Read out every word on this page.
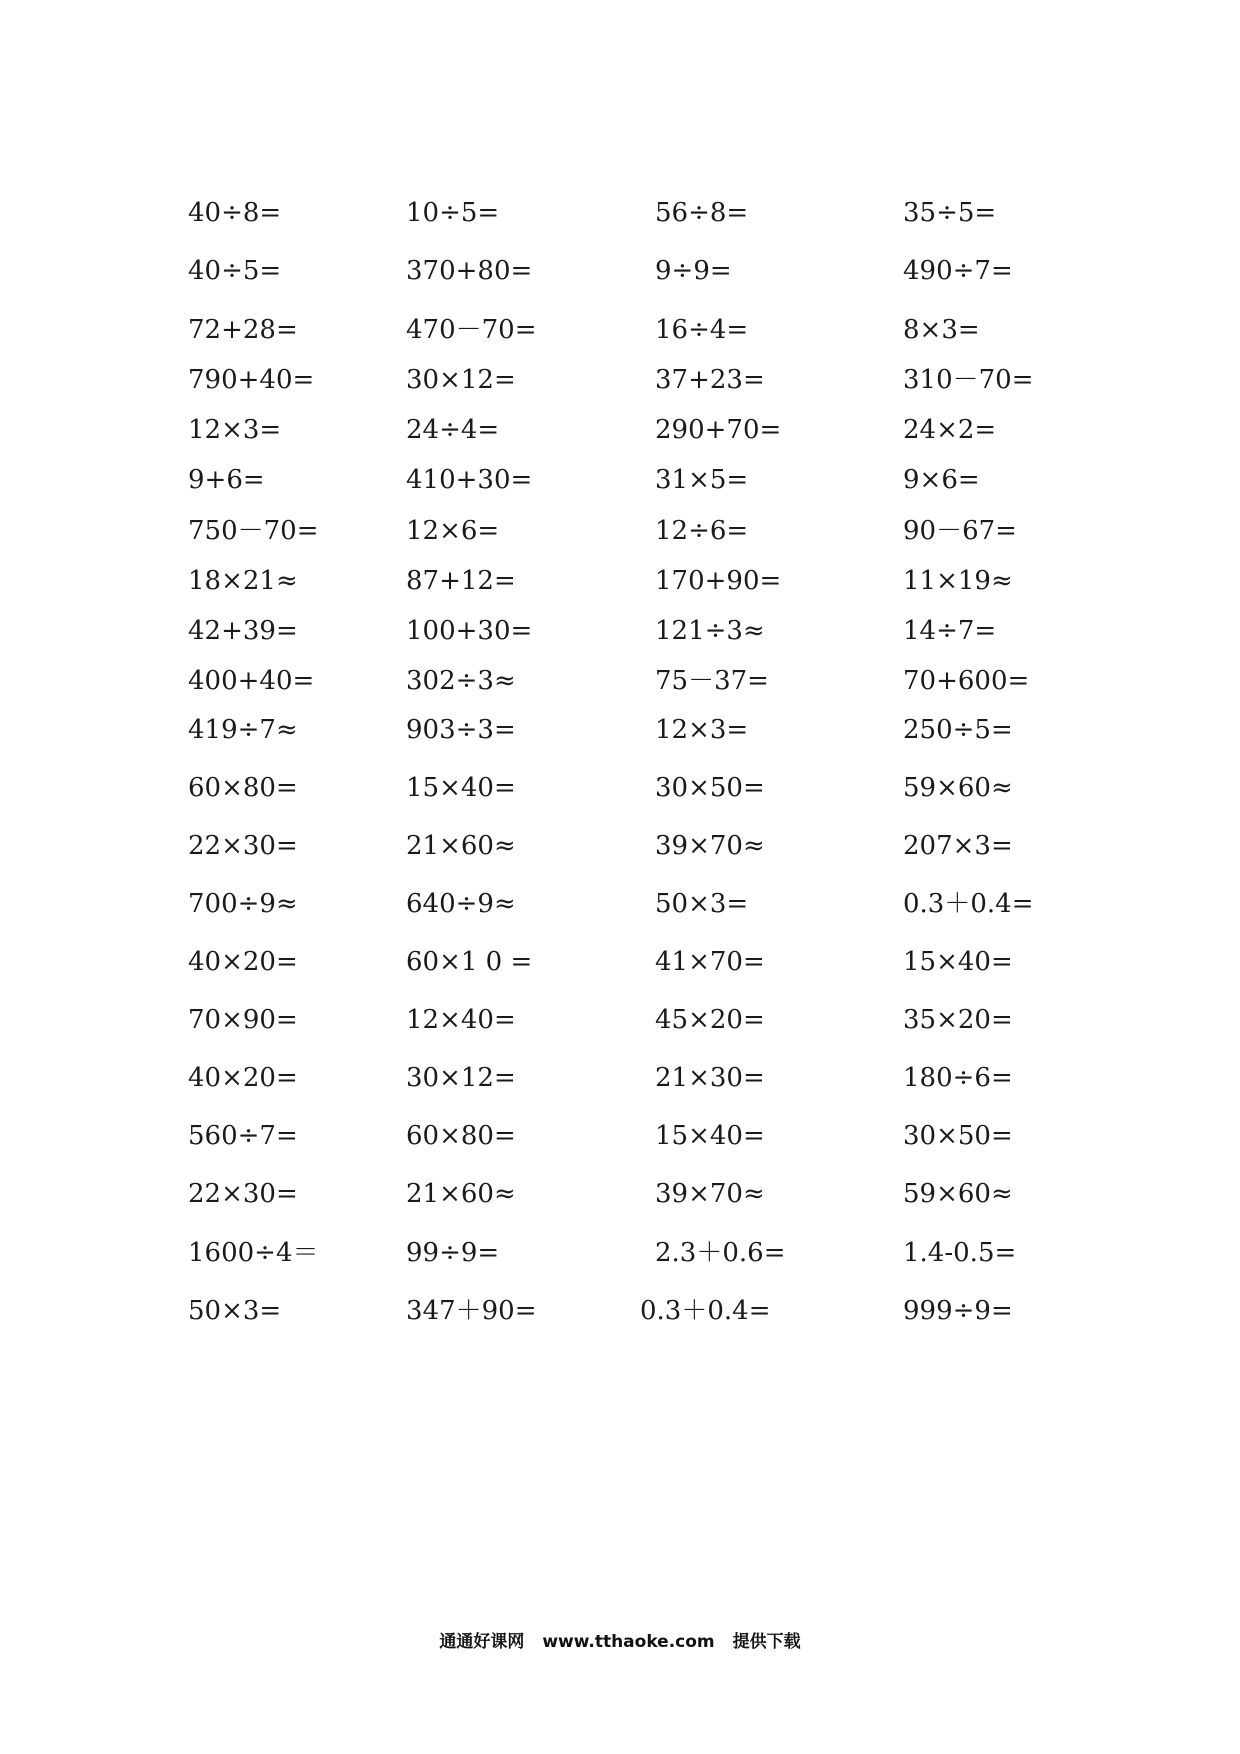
40÷8=	10÷5=	56÷8=	35÷5=
40÷5=	370+80=	9÷9=	490÷7=
72+28=	470－70=	16÷4=	8×3=
790+40=	30×12=	37+23=	310－70=
12×3=	24÷4=	290+70=	24×2=
9+6=	410+30=	31×5=	9×6=
750－70=	12×6=	12÷6=	90－67=
18×21≈	87+12=	170+90=	11×19≈
42+39=	100+30=	121÷3≈	14÷7=
400+40=	302÷3≈	75－37=	70+600=
419÷7≈	903÷3=	12×3=	250÷5=
60×80=	15×40=	30×50=	59×60≈
22×30=	21×60≈	39×70≈	207×3=
700÷9≈	640÷9≈	50×3=	0.3＋0.4=
40×20=	60×1 0 =	41×70=	15×40=
70×90=	12×40=	45×20=	35×20=
40×20=	30×12=	21×30=	180÷6=
560÷7=	60×80=	15×40=	30×50=
22×30=	21×60≈	39×70≈	59×60≈
1600÷4＝	99÷9=	2.3＋0.6=	1.4-0.5=
50×3=	347＋90=	0.3＋0.4=	999÷9=
通通好课网 www.tthaoke.com 提供下载
